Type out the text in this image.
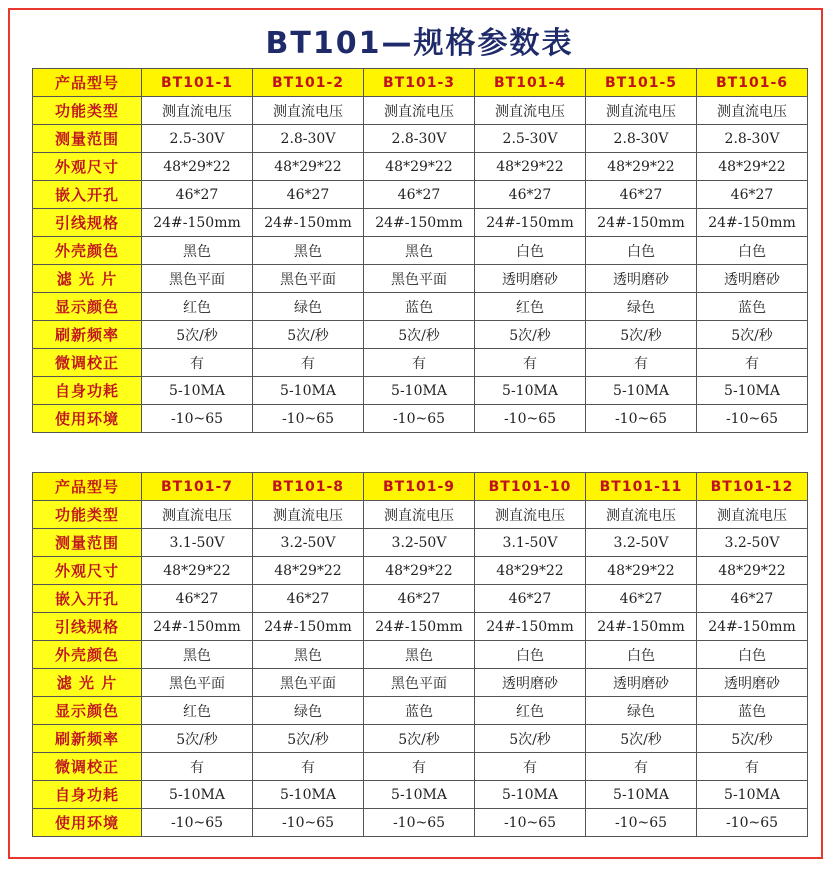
BT101—规格参数表
产品型号	BT101-1	BT101-2	BT101-3	BT101-4	BT101-5	BT101-6
功能类型	测直流电压	测直流电压	测直流电压	测直流电压	测直流电压	测直流电压
测量范围	2.5-30V	2.8-30V	2.8-30V	2.5-30V	2.8-30V	2.8-30V
外观尺寸	48*29*22	48*29*22	48*29*22	48*29*22	48*29*22	48*29*22
嵌入开孔	46*27	46*27	46*27	46*27	46*27	46*27
引线规格	24#-150mm	24#-150mm	24#-150mm	24#-150mm	24#-150mm	24#-150mm
外壳颜色	黑色	黑色	黑色	白色	白色	白色
滤 光 片	黑色平面	黑色平面	黑色平面	透明磨砂	透明磨砂	透明磨砂
显示颜色	红色	绿色	蓝色	红色	绿色	蓝色
刷新频率	5次/秒	5次/秒	5次/秒	5次/秒	5次/秒	5次/秒
微调校正	有	有	有	有	有	有
自身功耗	5-10MA	5-10MA	5-10MA	5-10MA	5-10MA	5-10MA
使用环境	-10~65	-10~65	-10~65	-10~65	-10~65	-10~65
产品型号	BT101-7	BT101-8	BT101-9	BT101-10	BT101-11	BT101-12
功能类型	测直流电压	测直流电压	测直流电压	测直流电压	测直流电压	测直流电压
测量范围	3.1-50V	3.2-50V	3.2-50V	3.1-50V	3.2-50V	3.2-50V
外观尺寸	48*29*22	48*29*22	48*29*22	48*29*22	48*29*22	48*29*22
嵌入开孔	46*27	46*27	46*27	46*27	46*27	46*27
引线规格	24#-150mm	24#-150mm	24#-150mm	24#-150mm	24#-150mm	24#-150mm
外壳颜色	黑色	黑色	黑色	白色	白色	白色
滤 光 片	黑色平面	黑色平面	黑色平面	透明磨砂	透明磨砂	透明磨砂
显示颜色	红色	绿色	蓝色	红色	绿色	蓝色
刷新频率	5次/秒	5次/秒	5次/秒	5次/秒	5次/秒	5次/秒
微调校正	有	有	有	有	有	有
自身功耗	5-10MA	5-10MA	5-10MA	5-10MA	5-10MA	5-10MA
使用环境	-10~65	-10~65	-10~65	-10~65	-10~65	-10~65
